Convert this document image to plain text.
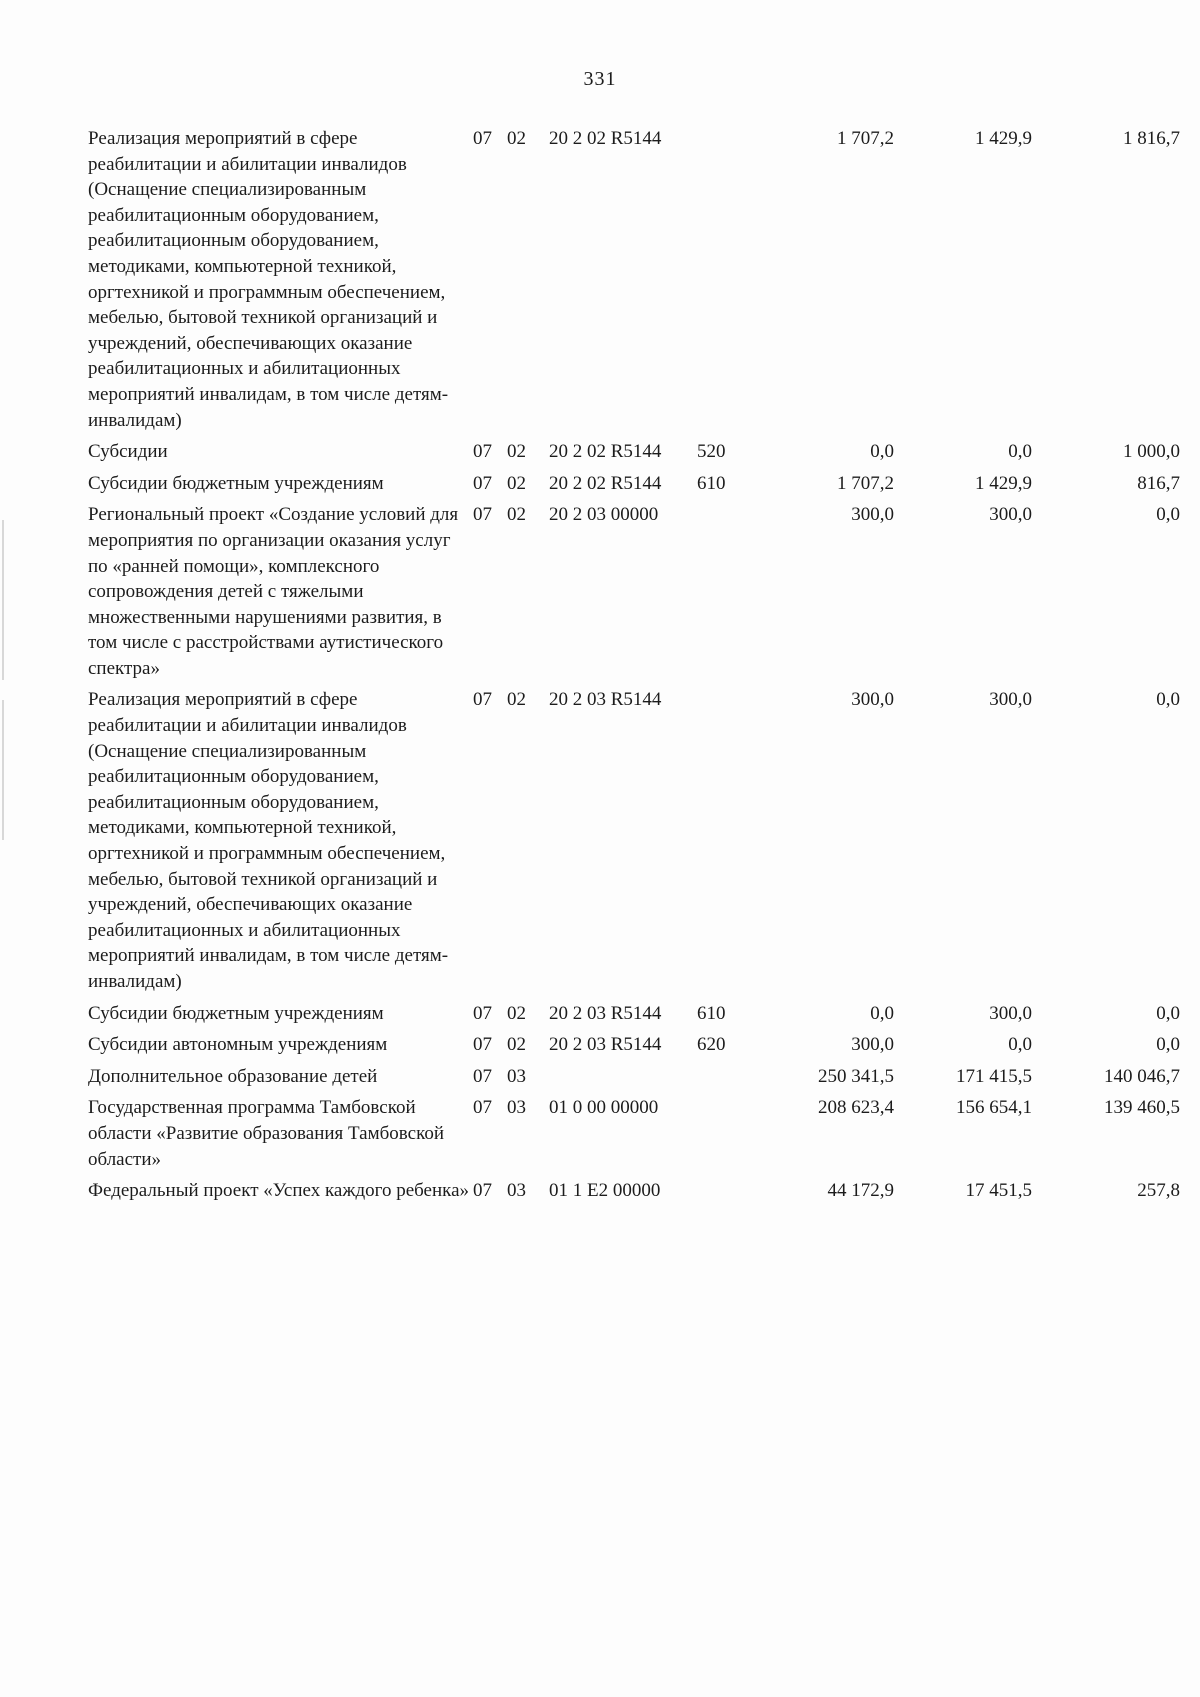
331
Реализация мероприятий в сфере реабилитации и абилитации инвалидов (Оснащение специализированным реабилитационным оборудованием, реабилитационным оборудованием, методиками, компьютерной техникой, оргтехникой и программным обеспечением, мебелью, бытовой техникой организаций и учреждений, обеспечивающих оказание реабилитационных и абилитационных мероприятий инвалидам, в том числе детям-инвалидам)	07	02	20 2 02 R5144		1 707,2	1 429,9	1 816,7
Субсидии	07	02	20 2 02 R5144	520	0,0	0,0	1 000,0
Субсидии бюджетным учреждениям	07	02	20 2 02 R5144	610	1 707,2	1 429,9	816,7
Региональный проект «Создание условий для мероприятия по организации оказания услуг по «ранней помощи», комплексного сопровождения детей с тяжелыми множественными нарушениями развития, в том числе с расстройствами аутистического спектра»	07	02	20 2 03 00000		300,0	300,0	0,0
Реализация мероприятий в сфере реабилитации и абилитации инвалидов (Оснащение специализированным реабилитационным оборудованием, реабилитационным оборудованием, методиками, компьютерной техникой, оргтехникой и программным обеспечением, мебелью, бытовой техникой организаций и учреждений, обеспечивающих оказание реабилитационных и абилитационных мероприятий инвалидам, в том числе детям-инвалидам)	07	02	20 2 03 R5144		300,0	300,0	0,0
Субсидии бюджетным учреждениям	07	02	20 2 03 R5144	610	0,0	300,0	0,0
Субсидии автономным учреждениям	07	02	20 2 03 R5144	620	300,0	0,0	0,0
Дополнительное образование детей	07	03			250 341,5	171 415,5	140 046,7
Государственная программа Тамбовской области «Развитие образования Тамбовской области»	07	03	01 0 00 00000		208 623,4	156 654,1	139 460,5
Федеральный проект «Успех каждого ребенка»	07	03	01 1 E2 00000		44 172,9	17 451,5	257,8
